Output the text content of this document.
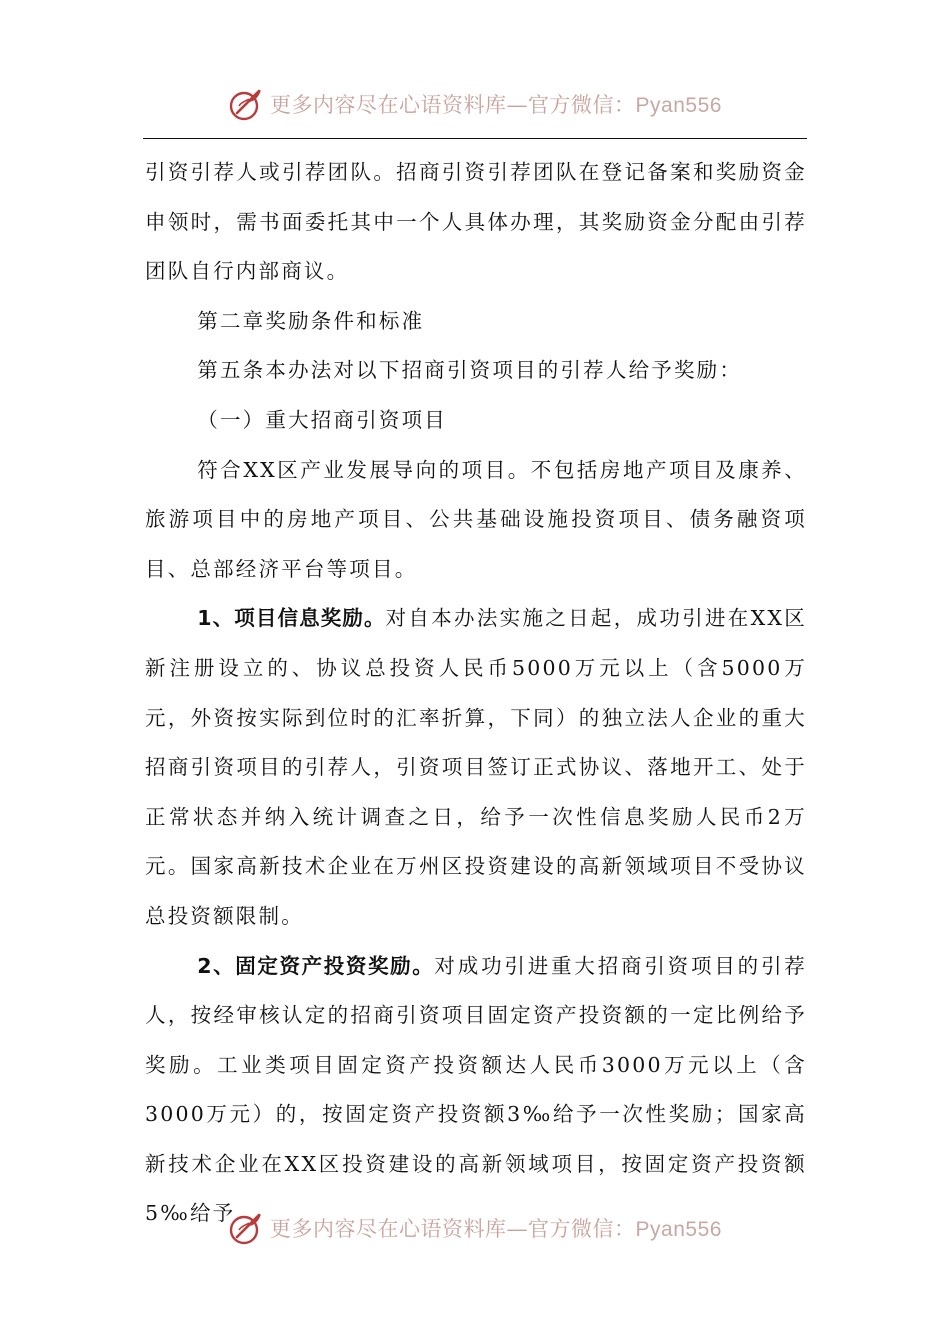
更多内容尽在心语资料库—官方微信：Pyan556

引资引荐人或引荐团队。招商引资引荐团队在登记备案和奖励资金申领时，需书面委托其中一个人具体办理，其奖励资金分配由引荐团队自行内部商议。

第二章奖励条件和标准

第五条本办法对以下招商引资项目的引荐人给予奖励：

（一）重大招商引资项目

符合XX区产业发展导向的项目。不包括房地产项目及康养、旅游项目中的房地产项目、公共基础设施投资项目、债务融资项目、总部经济平台等项目。

1、项目信息奖励。对自本办法实施之日起，成功引进在XX区新注册设立的、协议总投资人民币5000万元以上（含5000万元，外资按实际到位时的汇率折算，下同）的独立法人企业的重大招商引资项目的引荐人，引资项目签订正式协议、落地开工、处于正常状态并纳入统计调查之日，给予一次性信息奖励人民币2万元。国家高新技术企业在万州区投资建设的高新领域项目不受协议总投资额限制。

2、固定资产投资奖励。对成功引进重大招商引资项目的引荐人，按经审核认定的招商引资项目固定资产投资额的一定比例给予奖励。工业类项目固定资产投资额达人民币3000万元以上（含3000万元）的，按固定资产投资额3‰给予一次性奖励；国家高新技术企业在XX区投资建设的高新领域项目，按固定资产投资额5‰给予

更多内容尽在心语资料库—官方微信：Pyan556
